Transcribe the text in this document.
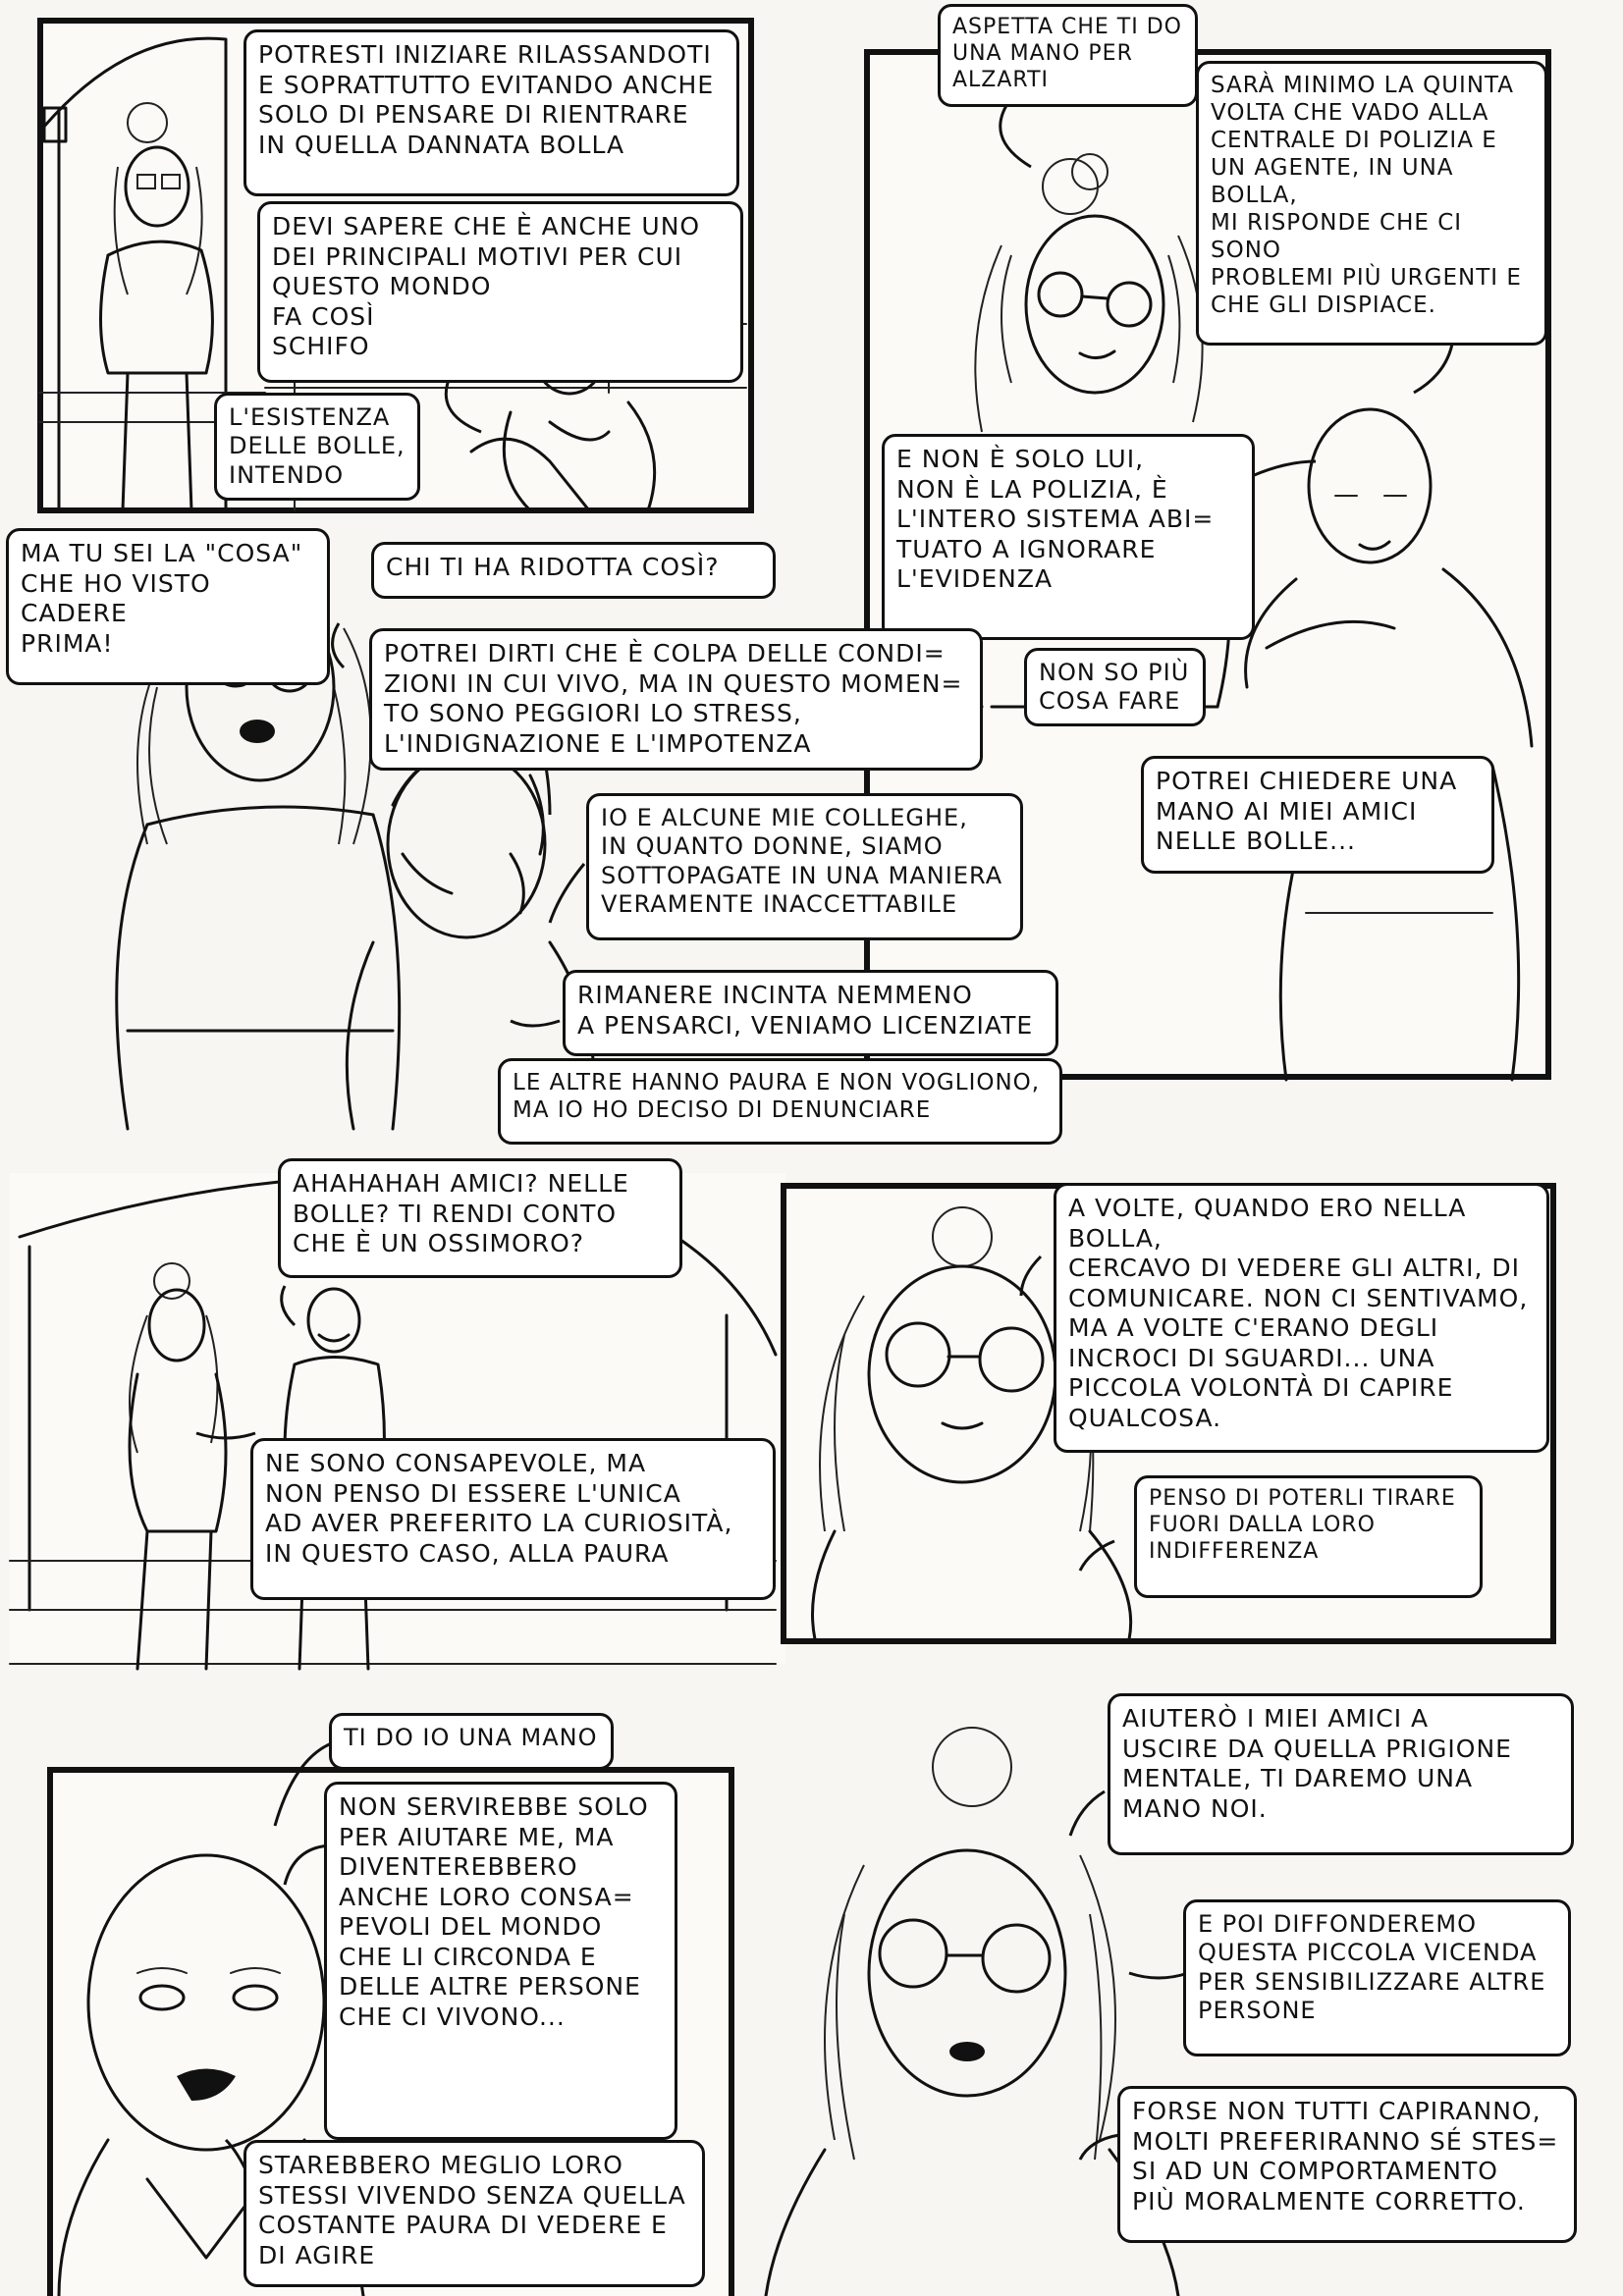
POTRESTI INIZIARE RILASSANDOTI
E SOPRATTUTTO EVITANDO ANCHE
SOLO DI PENSARE DI RIENTRARE
IN QUELLA DANNATA BOLLA
DEVI SAPERE CHE È ANCHE UNO
DEI PRINCIPALI MOTIVI PER CUI
QUESTO MONDO
FA COSÌ
SCHIFO
L'ESISTENZA
DELLE BOLLE,
INTENDO
ASPETTA CHE TI DO
UNA MANO PER
ALZARTI	SARÀ MINIMO LA QUINTA
VOLTA CHE VADO ALLA
CENTRALE DI POLIZIA E
UN AGENTE, IN UNA BOLLA,
MI RISPONDE CHE CI SONO
PROBLEMI PIÙ URGENTI E
CHE GLI DISPIACE.
E NON È SOLO LUI,
NON È LA POLIZIA, È
L'INTERO SISTEMA ABI=
TUATO A IGNORARE
L'EVIDENZA
NON SO PIÙ
COSA FARE
POTREI CHIEDERE UNA
MANO AI MIEI AMICI
NELLE BOLLE...
MA TU SEI LA "COSA"
CHE HO VISTO
CADERE
PRIMA!
CHI TI HA RIDOTTA COSÌ?
POTREI DIRTI CHE È COLPA DELLE CONDI=
ZIONI IN CUI VIVO, MA IN QUESTO MOMEN=
TO SONO PEGGIORI LO STRESS,
L'INDIGNAZIONE E L'IMPOTENZA
IO E ALCUNE MIE COLLEGHE,
IN QUANTO DONNE, SIAMO
SOTTOPAGATE IN UNA MANIERA
VERAMENTE INACCETTABILE
RIMANERE INCINTA NEMMENO
A PENSARCI, VENIAMO LICENZIATE
LE ALTRE HANNO PAURA E NON VOGLIONO,
MA IO HO DECISO DI DENUNCIARE
AHAHAHAH AMICI? NELLE
BOLLE? TI RENDI CONTO
CHE È UN OSSIMORO?
NE SONO CONSAPEVOLE, MA
NON PENSO DI ESSERE L'UNICA
AD AVER PREFERITO LA CURIOSITÀ,
IN QUESTO CASO, ALLA PAURA
A VOLTE, QUANDO ERO NELLA BOLLA,
CERCAVO DI VEDERE GLI ALTRI, DI
COMUNICARE. NON CI SENTIVAMO,
MA A VOLTE C'ERANO DEGLI
INCROCI DI SGUARDI... UNA
PICCOLA VOLONTÀ DI CAPIRE
QUALCOSA.
PENSO DI POTERLI TIRARE
FUORI DALLA LORO
INDIFFERENZA
TI DO IO UNA MANO
NON SERVIREBBE SOLO
PER AIUTARE ME, MA
DIVENTEREBBERO
ANCHE LORO CONSA=
PEVOLI DEL MONDO
CHE LI CIRCONDA E
DELLE ALTRE PERSONE
CHE CI VIVONO...
STAREBBERO MEGLIO LORO
STESSI VIVENDO SENZA QUELLA
COSTANTE PAURA DI VEDERE E
DI AGIRE
AIUTERÒ I MIEI AMICI A
USCIRE DA QUELLA PRIGIONE
MENTALE, TI DAREMO UNA
MANO NOI.
E POI DIFFONDEREMO
QUESTA PICCOLA VICENDA
PER SENSIBILIZZARE ALTRE
PERSONE
FORSE NON TUTTI CAPIRANNO,
MOLTI PREFERIRANNO SÉ STES=
SI AD UN COMPORTAMENTO
PIÙ MORALMENTE CORRETTO.
